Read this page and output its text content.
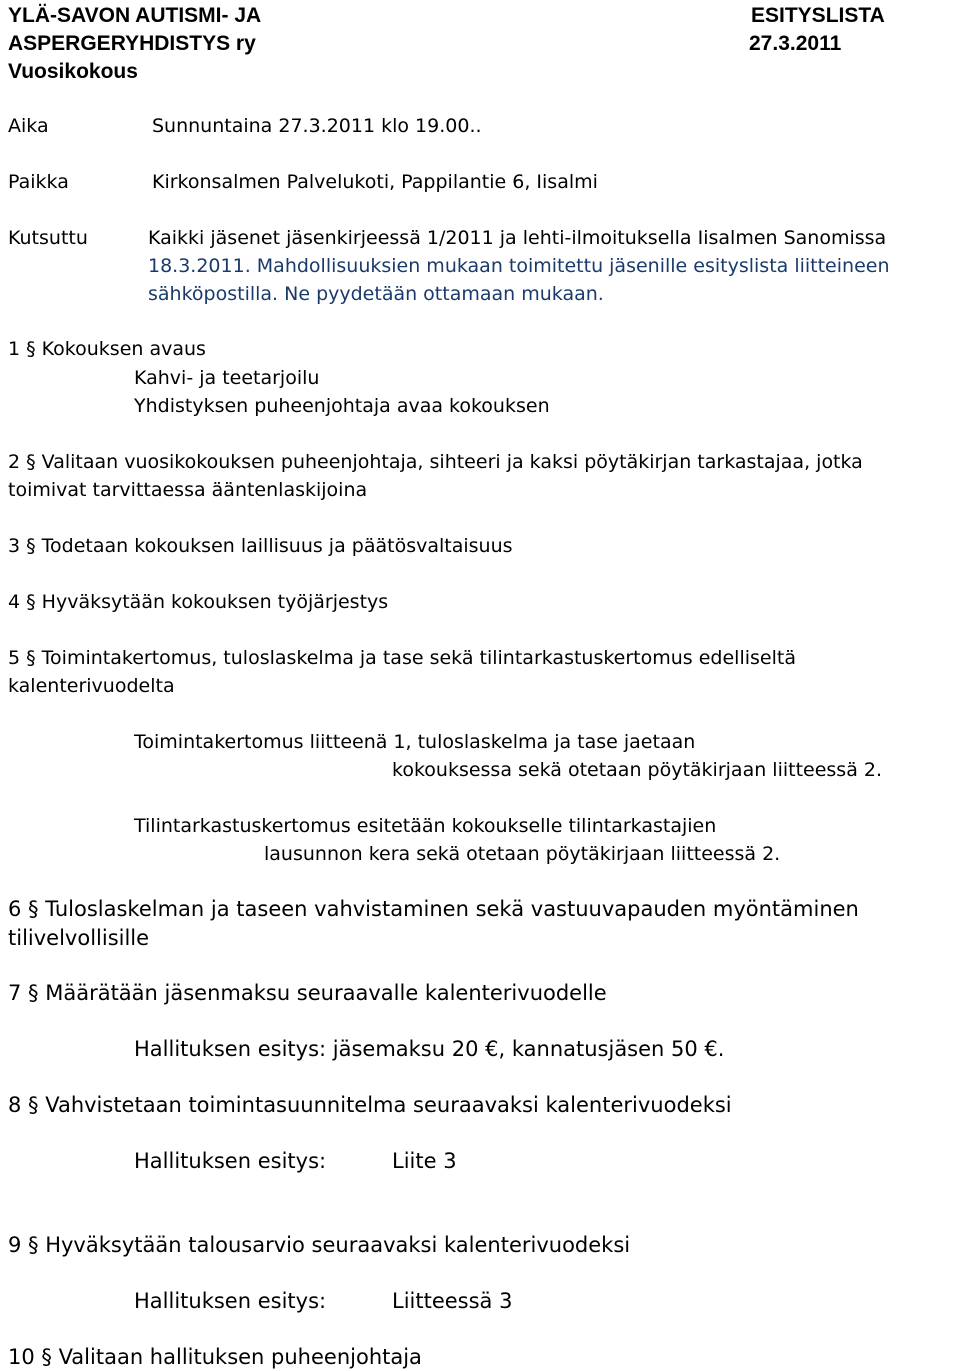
YLÄ-SAVON AUTISMI- JA
ASPERGERYHDISTYS ry
Vuosikokous
ESITYSLISTA
27.3.2011
Aika	Sunnuntaina 27.3.2011 klo 19.00..
Paikka	Kirkonsalmen Palvelukoti, Pappilantie 6, Iisalmi
Kutsuttu	Kaikki jäsenet jäsenkirjeessä 1/2011 ja lehti-ilmoituksella Iisalmen Sanomissa
18.3.2011. Mahdollisuuksien mukaan toimitettu jäsenille esityslista liitteineen
sähköpostilla. Ne pyydetään ottamaan mukaan.
1 § Kokouksen avaus
Kahvi- ja teetarjoilu
Yhdistyksen puheenjohtaja avaa kokouksen
2 § Valitaan vuosikokouksen puheenjohtaja, sihteeri ja kaksi pöytäkirjan tarkastajaa, jotka
toimivat tarvittaessa ääntenlaskijoina
3 § Todetaan kokouksen laillisuus ja päätösvaltaisuus
4 § Hyväksytään kokouksen työjärjestys
5 § Toimintakertomus, tuloslaskelma ja tase sekä tilintarkastuskertomus edelliseltä
kalenterivuodelta
Toimintakertomus liitteenä 1, tuloslaskelma ja tase jaetaan
kokouksessa sekä otetaan pöytäkirjaan liitteessä 2.
Tilintarkastuskertomus esitetään kokoukselle tilintarkastajien
lausunnon kera sekä otetaan pöytäkirjaan liitteessä 2.
6 § Tuloslaskelman ja taseen vahvistaminen sekä vastuuvapauden myöntäminen
tilivelvollisille
7 § Määrätään jäsenmaksu seuraavalle kalenterivuodelle
Hallituksen esitys: jäsemaksu 20 €, kannatusjäsen 50 €.
8 § Vahvistetaan toimintasuunnitelma seuraavaksi kalenterivuodeksi
Hallituksen esitys:	Liite 3
9 § Hyväksytään talousarvio seuraavaksi kalenterivuodeksi
Hallituksen esitys:	Liitteessä 3
10 § Valitaan hallituksen puheenjohtaja
